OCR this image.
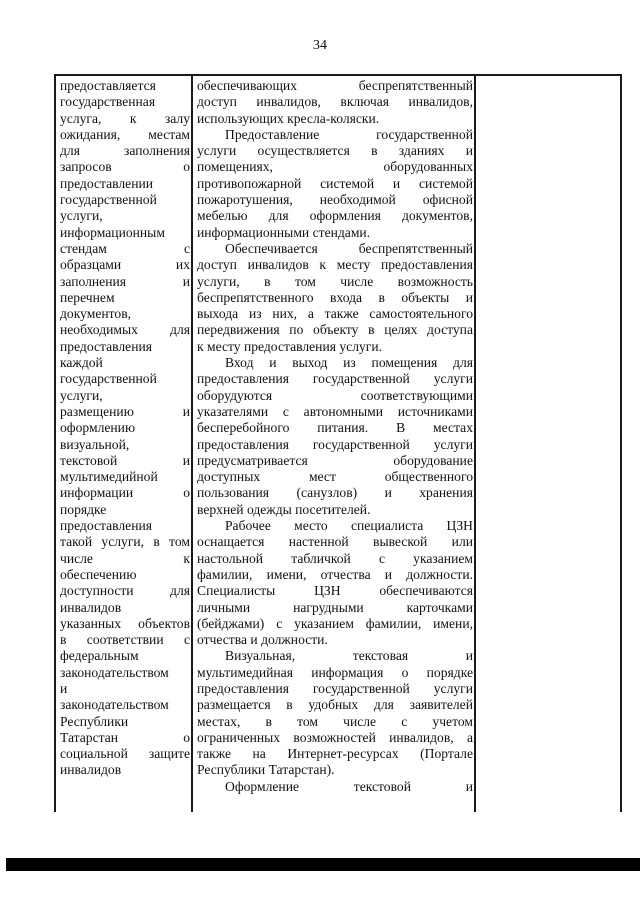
34
предоставляется
государственная
услуга, к залу
ожидания, местам
для заполнения
запросов о
предоставлении
государственной
услуги,
информационным
стендам с
образцами их
заполнения и
перечнем
документов,
необходимых для
предоставления
каждой
государственной
услуги,
размещению и
оформлению
визуальной,
текстовой и
мультимедийной
информации о
порядке
предоставления
такой услуги, в том
числе к
обеспечению
доступности для
инвалидов
указанных объектов
в соответствии с
федеральным
законодательством
и
законодательством
Республики
Татарстан о
социальной защите
инвалидов
обеспечивающих беспрепятственный
доступ инвалидов, включая инвалидов,
использующих кресла-коляски.
Предоставление государственной
услуги осуществляется в зданиях и
помещениях, оборудованных
противопожарной системой и системой
пожаротушения, необходимой офисной
мебелью для оформления документов,
информационными стендами.
Обеспечивается беспрепятственный
доступ инвалидов к месту предоставления
услуги, в том числе возможность
беспрепятственного входа в объекты и
выхода из них, а также самостоятельного
передвижения по объекту в целях доступа
к месту предоставления услуги.
Вход и выход из помещения для
предоставления государственной услуги
оборудуются соответствующими
указателями с автономными источниками
бесперебойного питания. В местах
предоставления государственной услуги
предусматривается оборудование
доступных мест общественного
пользования (санузлов) и хранения
верхней одежды посетителей.
Рабочее место специалиста ЦЗН
оснащается настенной вывеской или
настольной табличкой с указанием
фамилии, имени, отчества и должности.
Специалисты ЦЗН обеспечиваются
личными нагрудными карточками
(бейджами) с указанием фамилии, имени,
отчества и должности.
Визуальная, текстовая и
мультимедийная информация о порядке
предоставления государственной услуги
размещается в удобных для заявителей
местах, в том числе с учетом
ограниченных возможностей инвалидов, а
также на Интернет-ресурсах (Портале
Республики Татарстан).
Оформление текстовой и
